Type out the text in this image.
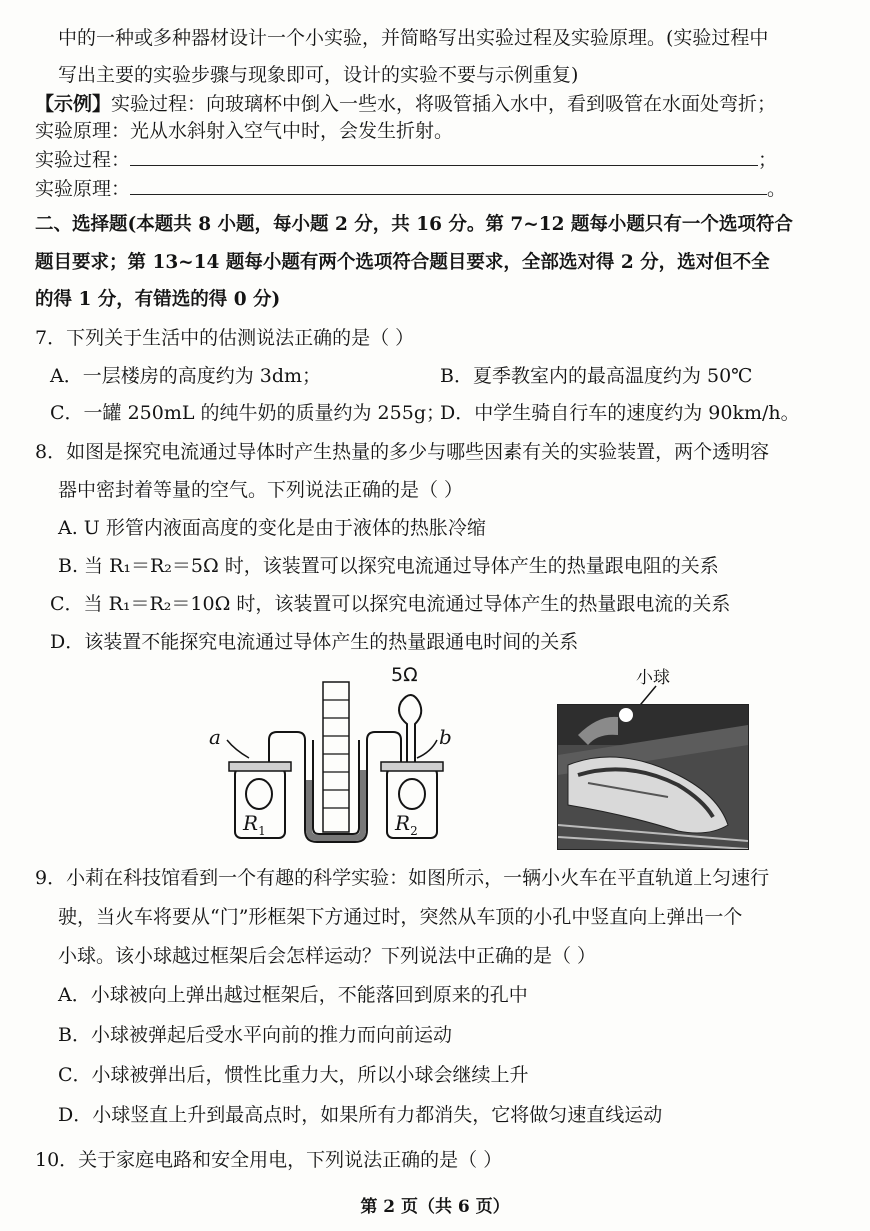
中的一种或多种器材设计一个小实验，并简略写出实验过程及实验原理。(实验过程中
写出主要的实验步骤与现象即可，设计的实验不要与示例重复)
【示例】实验过程：向玻璃杯中倒入一些水，将吸管插入水中，看到吸管在水面处弯折；
实验原理：光从水斜射入空气中时，会发生折射。
实验过程：	；
实验原理：	。
二、选择题(本题共 8 小题，每小题 2 分，共 16 分。第 7~12 题每小题只有一个选项符合
题目要求；第 13~14 题每小题有两个选项符合题目要求，全部选对得 2 分，选对但不全
的得 1 分，有错选的得 0 分)
7．下列关于生活中的估测说法正确的是（ ）
A．一层楼房的高度约为 3dm；	B．夏季教室内的最高温度约为 50℃
C．一罐 250mL 的纯牛奶的质量约为 255g；
D．中学生骑自行车的速度约为 90km/h。
8．如图是探究电流通过导体时产生热量的多少与哪些因素有关的实验装置，两个透明容
器中密封着等量的空气。下列说法正确的是（ ）
A. U 形管内液面高度的变化是由于液体的热胀冷缩
B. 当 R₁＝R₂＝5Ω 时，该装置可以探究电流通过导体产生的热量跟电阻的关系
C．当 R₁＝R₂＝10Ω 时，该装置可以探究电流通过导体产生的热量跟电流的关系
D．该装置不能探究电流通过导体产生的热量跟通电时间的关系
5Ω
a	b
$R_1$	$R_2$
小球
9．小莉在科技馆看到一个有趣的科学实验：如图所示，一辆小火车在平直轨道上匀速行
驶，当火车将要从“门”形框架下方通过时，突然从车顶的小孔中竖直向上弹出一个
小球。该小球越过框架后会怎样运动？下列说法中正确的是（ ）
A．小球被向上弹出越过框架后，不能落回到原来的孔中
B．小球被弹起后受水平向前的推力而向前运动
C．小球被弹出后，惯性比重力大，所以小球会继续上升
D．小球竖直上升到最高点时，如果所有力都消失，它将做匀速直线运动
10．关于家庭电路和安全用电，下列说法正确的是（ ）
第 2 页（共 6 页）
